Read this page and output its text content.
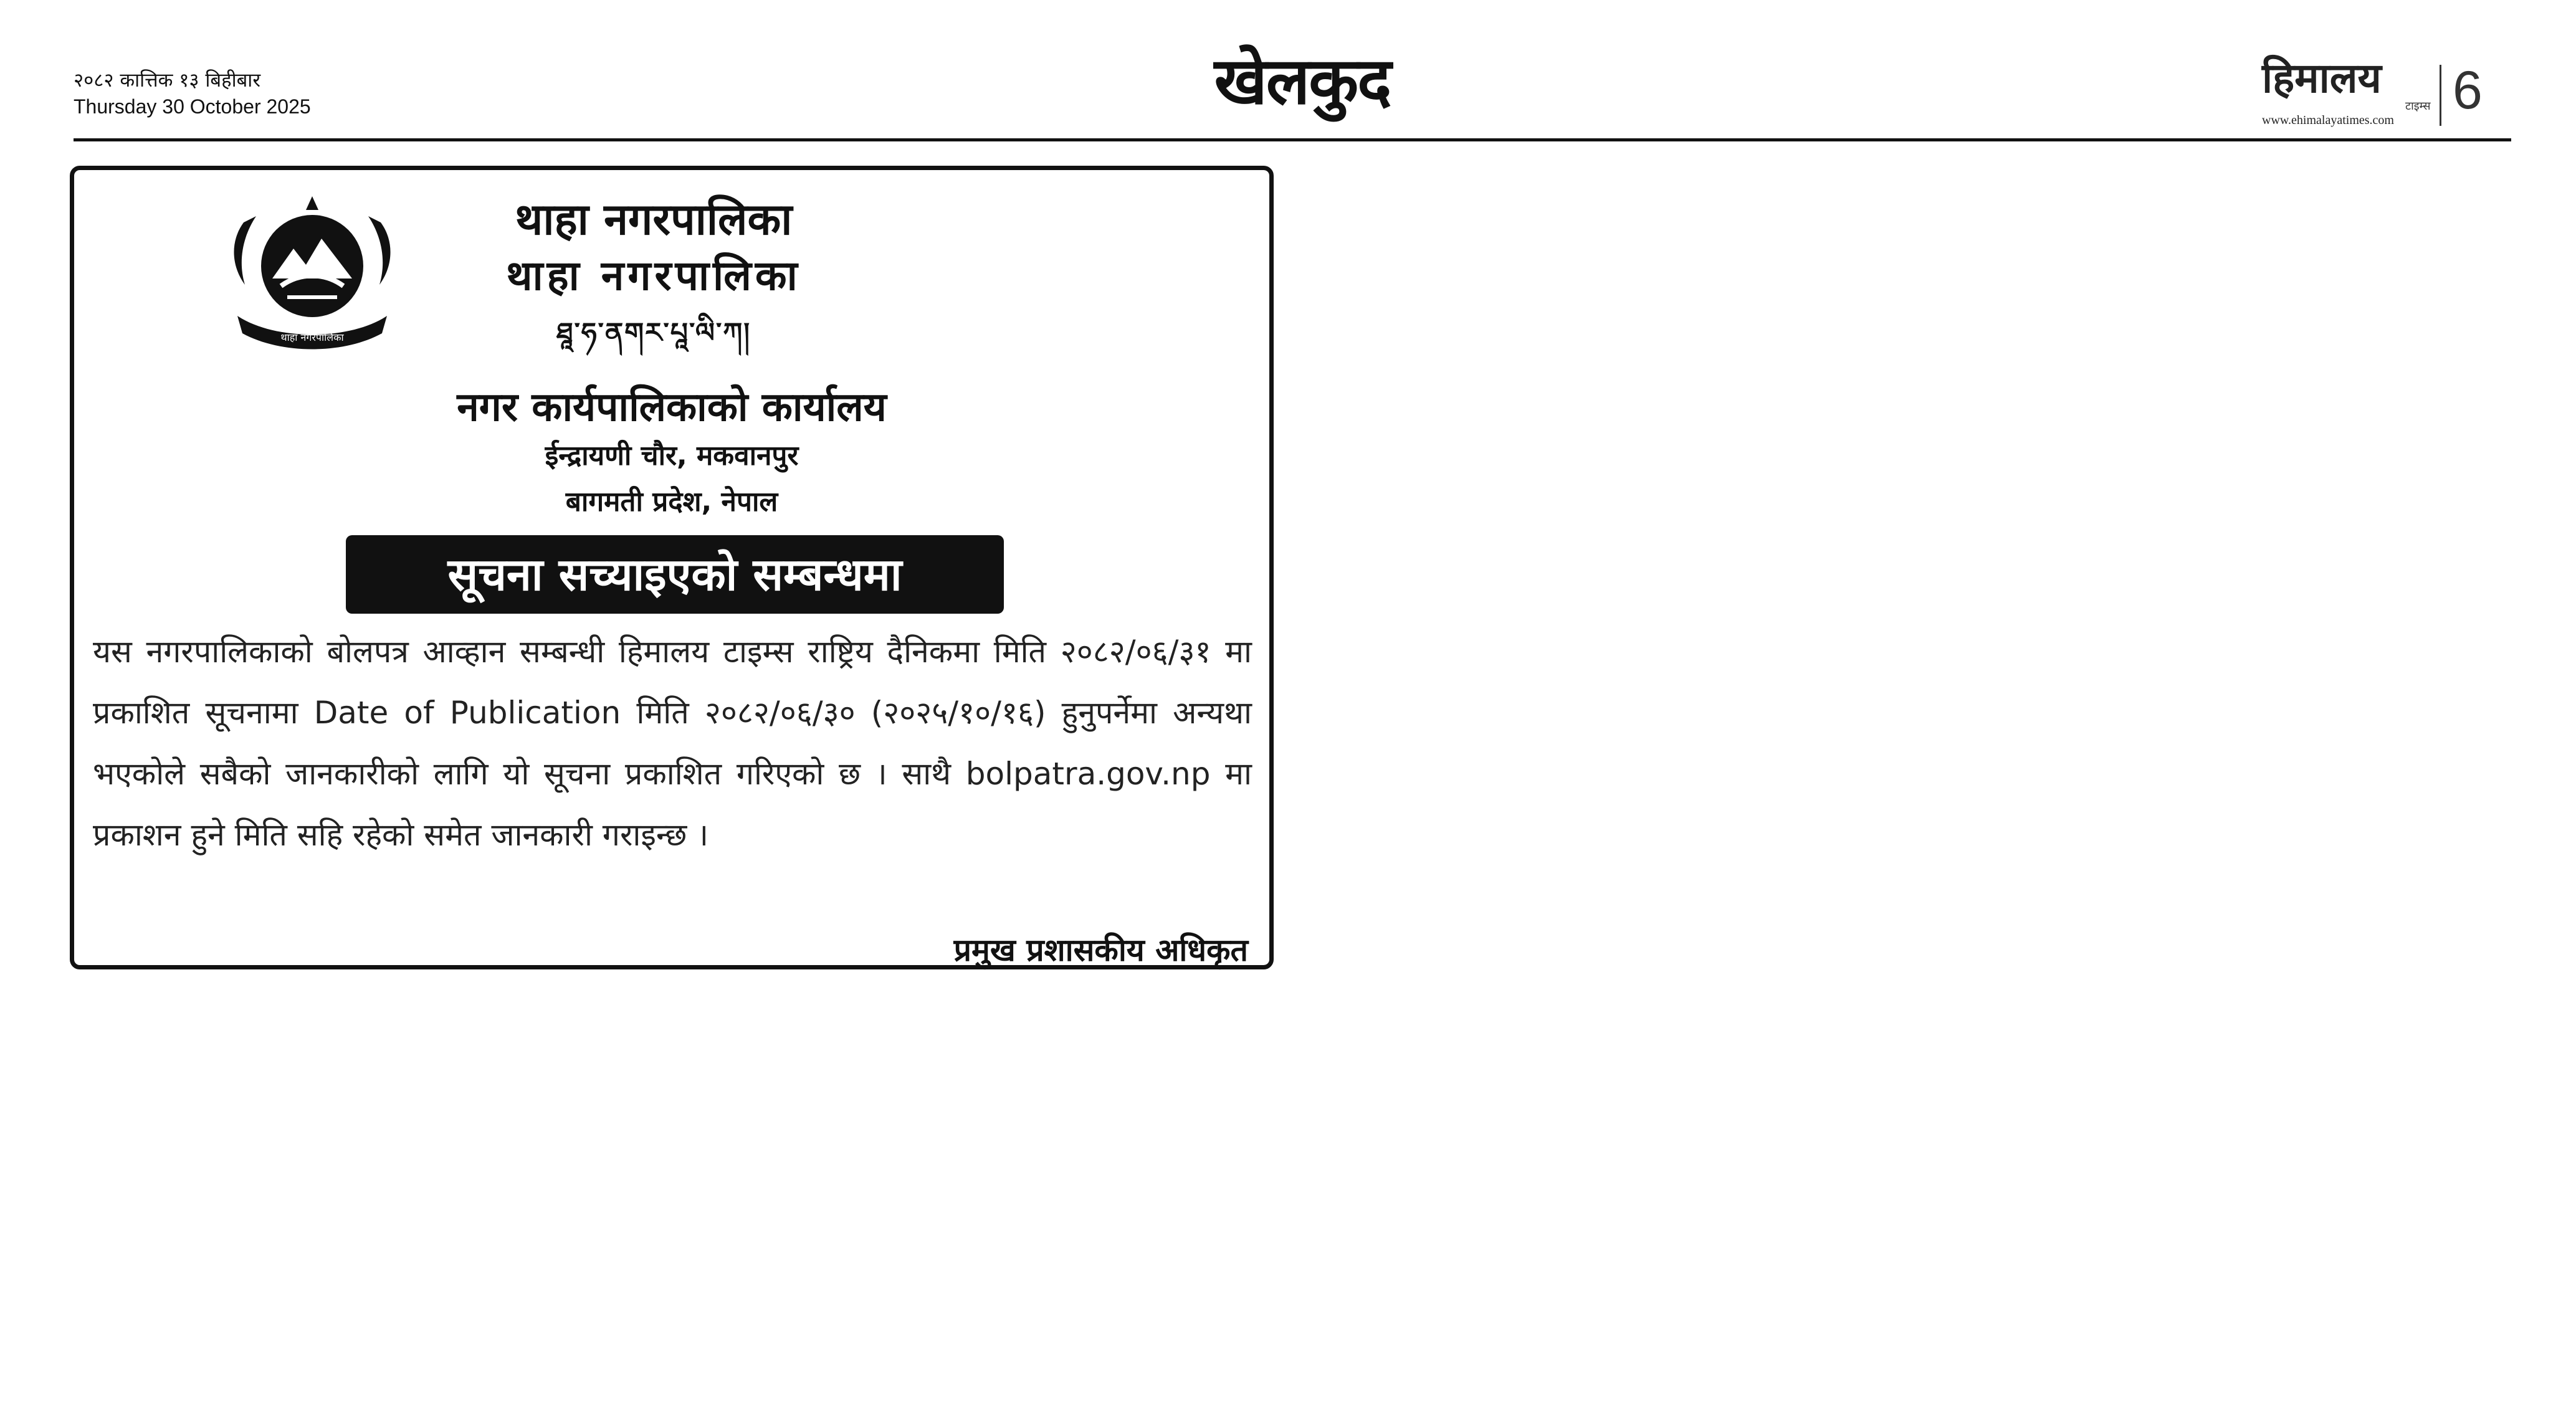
२०८२ कात्तिक १३ बिहीबार
Thursday 30 October 2025	खेलकुद	हिमालय
टाइम्स
www.ehimalayatimes.com 6
थाहा नगरपालिका
थाहा नगरपालिका
थाहा नगरपालिका
ཐཱ་ཧ་ནགར་པཱ་ལི་ཀ།
नगर कार्यपालिकाको कार्यालय
ईन्द्रायणी चौर, मकवानपुर
बागमती प्रदेश, नेपाल
सूचना सच्याइएको सम्बन्धमा
यस नगरपालिकाको बोलपत्र आव्हान सम्बन्धी हिमालय टाइम्स राष्ट्रिय दैनिकमा मिति २०८२/०६/३१ मा प्रकाशित सूचनामा Date of Publication मिति २०८२/०६/३० (२०२५/१०/१६) हुनुपर्नेमा अन्यथा भएकोले सबैको जानकारीको लागि यो सूचना प्रकाशित गरिएको छ । साथै bolpatra.gov.np मा प्रकाशन हुने मिति सहि रहेको समेत जानकारी गराइन्छ ।
प्रमुख प्रशासकीय अधिकृत
